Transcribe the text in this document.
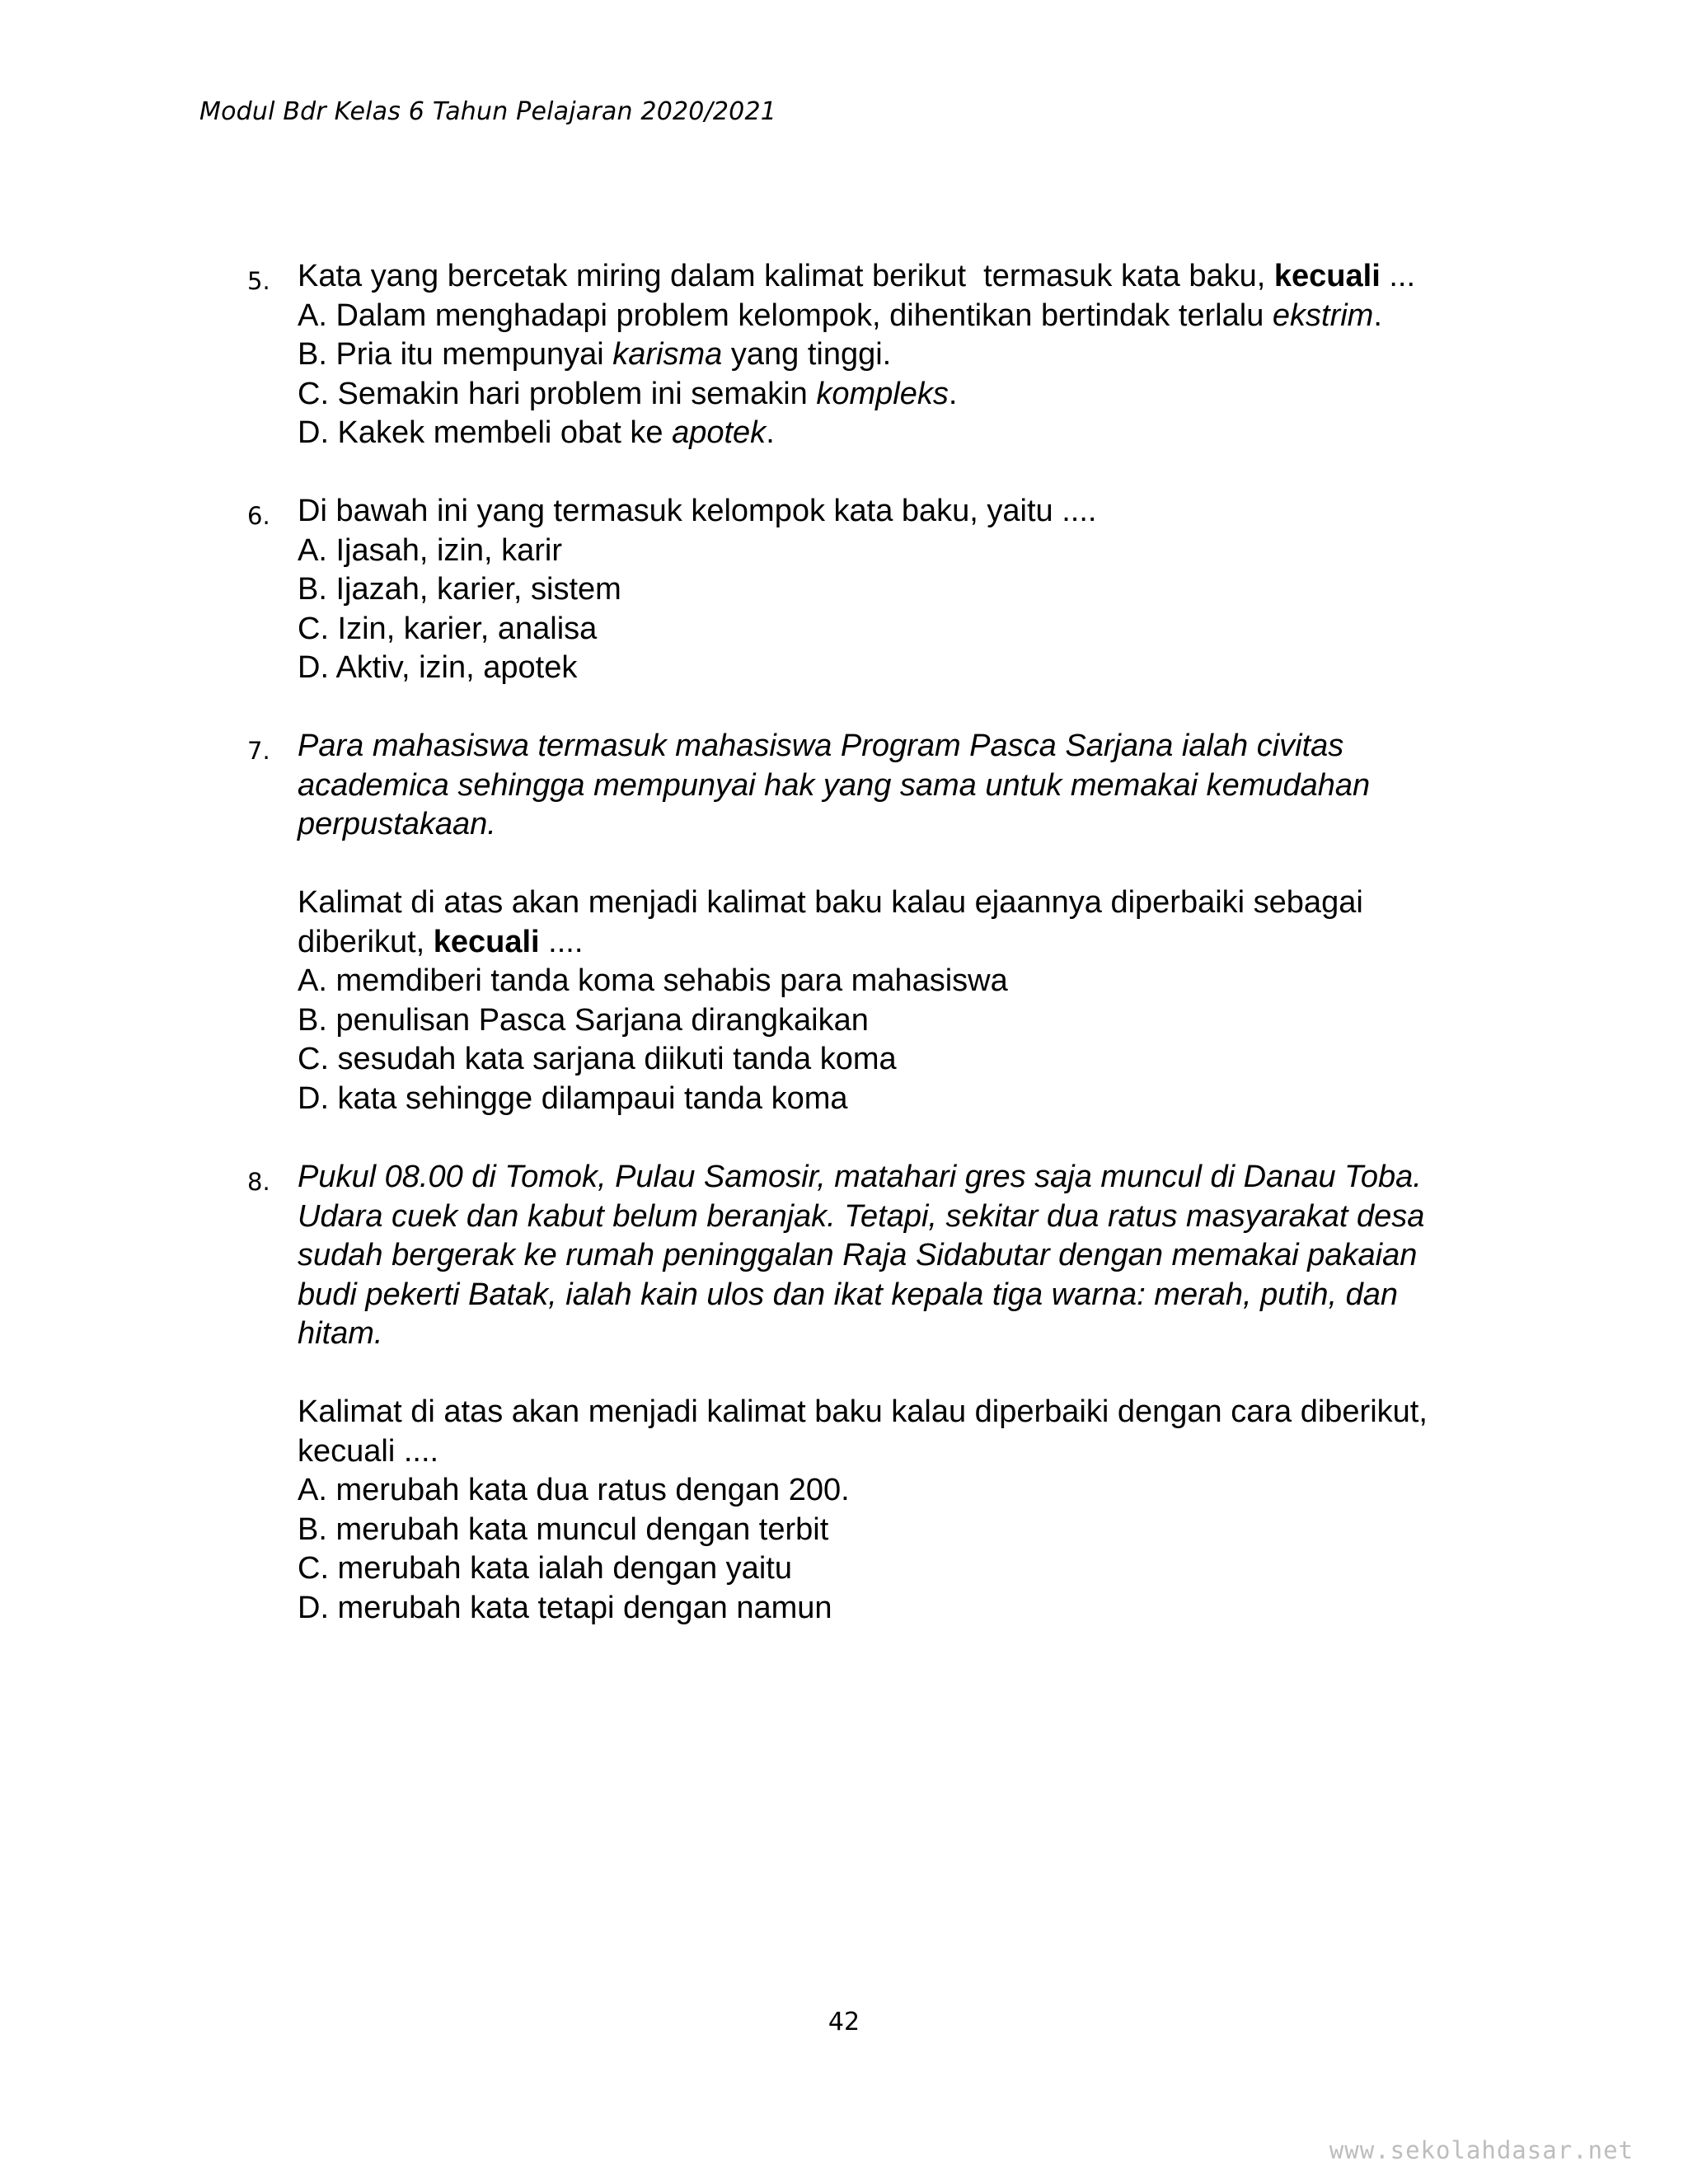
Modul Bdr Kelas 6 Tahun Pelajaran 2020/2021
5. Kata yang bercetak miring dalam kalimat berikut  termasuk kata baku, kecuali ...
A. Dalam menghadapi problem kelompok, dihentikan bertindak terlalu ekstrim.
B. Pria itu mempunyai karisma yang tinggi.
C. Semakin hari problem ini semakin kompleks.
D. Kakek membeli obat ke apotek.
6. Di bawah ini yang termasuk kelompok kata baku, yaitu ....
A. Ijasah, izin, karir
B. Ijazah, karier, sistem
C. Izin, karier, analisa
D. Aktiv, izin, apotek
7. Para mahasiswa termasuk mahasiswa Program Pasca Sarjana ialah civitas
academica sehingga mempunyai hak yang sama untuk memakai kemudahan
perpustakaan.
Kalimat di atas akan menjadi kalimat baku kalau ejaannya diperbaiki sebagai
diberikut, kecuali ....
A. memdiberi tanda koma sehabis para mahasiswa
B. penulisan Pasca Sarjana dirangkaikan
C. sesudah kata sarjana diikuti tanda koma
D. kata sehingge dilampaui tanda koma
8. Pukul 08.00 di Tomok, Pulau Samosir, matahari gres saja muncul di Danau Toba.
Udara cuek dan kabut belum beranjak. Tetapi, sekitar dua ratus masyarakat desa
sudah bergerak ke rumah peninggalan Raja Sidabutar dengan memakai pakaian
budi pekerti Batak, ialah kain ulos dan ikat kepala tiga warna: merah, putih, dan
hitam.
Kalimat di atas akan menjadi kalimat baku kalau diperbaiki dengan cara diberikut,
kecuali ....
A. merubah kata dua ratus dengan 200.
B. merubah kata muncul dengan terbit
C. merubah kata ialah dengan yaitu
D. merubah kata tetapi dengan namun
42
www.sekolahdasar.net
